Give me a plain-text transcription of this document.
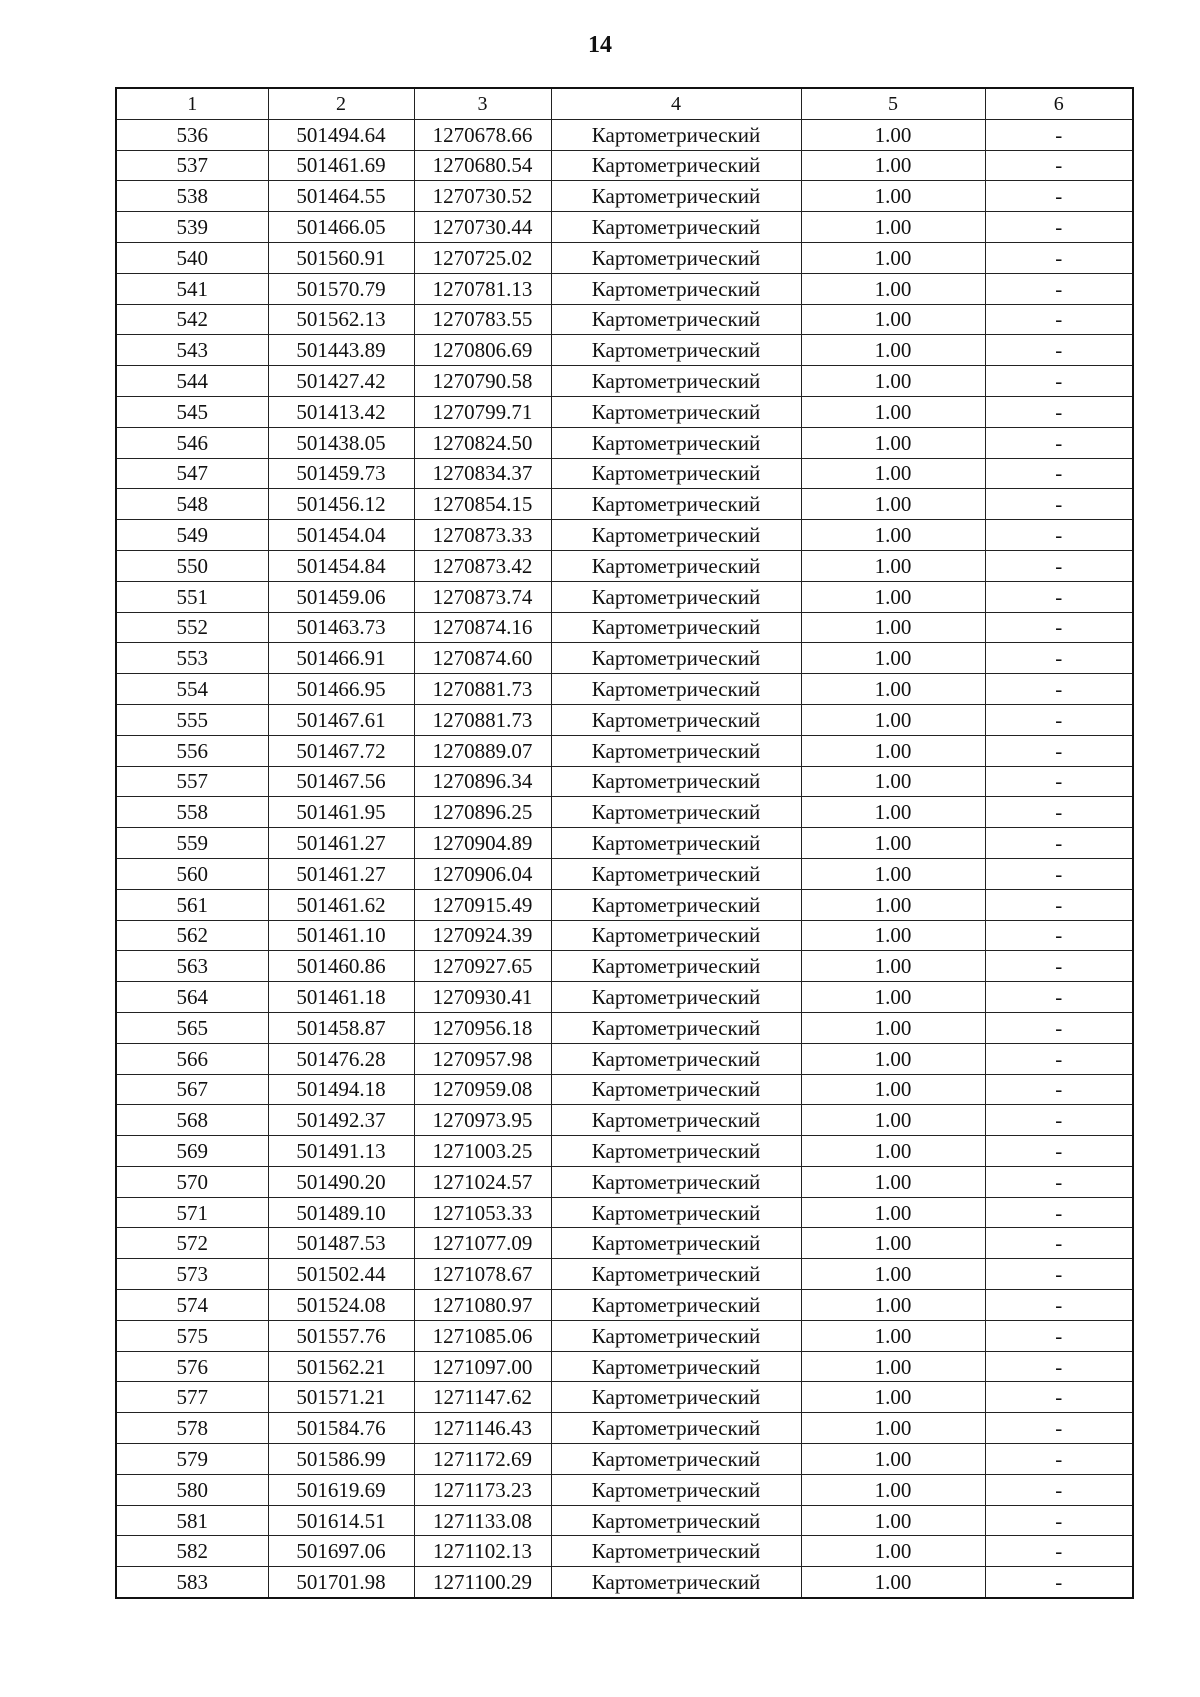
14
1	2	3	4	5	6
536	501494.64	1270678.66	Картометрический	1.00	-
537	501461.69	1270680.54	Картометрический	1.00	-
538	501464.55	1270730.52	Картометрический	1.00	-
539	501466.05	1270730.44	Картометрический	1.00	-
540	501560.91	1270725.02	Картометрический	1.00	-
541	501570.79	1270781.13	Картометрический	1.00	-
542	501562.13	1270783.55	Картометрический	1.00	-
543	501443.89	1270806.69	Картометрический	1.00	-
544	501427.42	1270790.58	Картометрический	1.00	-
545	501413.42	1270799.71	Картометрический	1.00	-
546	501438.05	1270824.50	Картометрический	1.00	-
547	501459.73	1270834.37	Картометрический	1.00	-
548	501456.12	1270854.15	Картометрический	1.00	-
549	501454.04	1270873.33	Картометрический	1.00	-
550	501454.84	1270873.42	Картометрический	1.00	-
551	501459.06	1270873.74	Картометрический	1.00	-
552	501463.73	1270874.16	Картометрический	1.00	-
553	501466.91	1270874.60	Картометрический	1.00	-
554	501466.95	1270881.73	Картометрический	1.00	-
555	501467.61	1270881.73	Картометрический	1.00	-
556	501467.72	1270889.07	Картометрический	1.00	-
557	501467.56	1270896.34	Картометрический	1.00	-
558	501461.95	1270896.25	Картометрический	1.00	-
559	501461.27	1270904.89	Картометрический	1.00	-
560	501461.27	1270906.04	Картометрический	1.00	-
561	501461.62	1270915.49	Картометрический	1.00	-
562	501461.10	1270924.39	Картометрический	1.00	-
563	501460.86	1270927.65	Картометрический	1.00	-
564	501461.18	1270930.41	Картометрический	1.00	-
565	501458.87	1270956.18	Картометрический	1.00	-
566	501476.28	1270957.98	Картометрический	1.00	-
567	501494.18	1270959.08	Картометрический	1.00	-
568	501492.37	1270973.95	Картометрический	1.00	-
569	501491.13	1271003.25	Картометрический	1.00	-
570	501490.20	1271024.57	Картометрический	1.00	-
571	501489.10	1271053.33	Картометрический	1.00	-
572	501487.53	1271077.09	Картометрический	1.00	-
573	501502.44	1271078.67	Картометрический	1.00	-
574	501524.08	1271080.97	Картометрический	1.00	-
575	501557.76	1271085.06	Картометрический	1.00	-
576	501562.21	1271097.00	Картометрический	1.00	-
577	501571.21	1271147.62	Картометрический	1.00	-
578	501584.76	1271146.43	Картометрический	1.00	-
579	501586.99	1271172.69	Картометрический	1.00	-
580	501619.69	1271173.23	Картометрический	1.00	-
581	501614.51	1271133.08	Картометрический	1.00	-
582	501697.06	1271102.13	Картометрический	1.00	-
583	501701.98	1271100.29	Картометрический	1.00	-
